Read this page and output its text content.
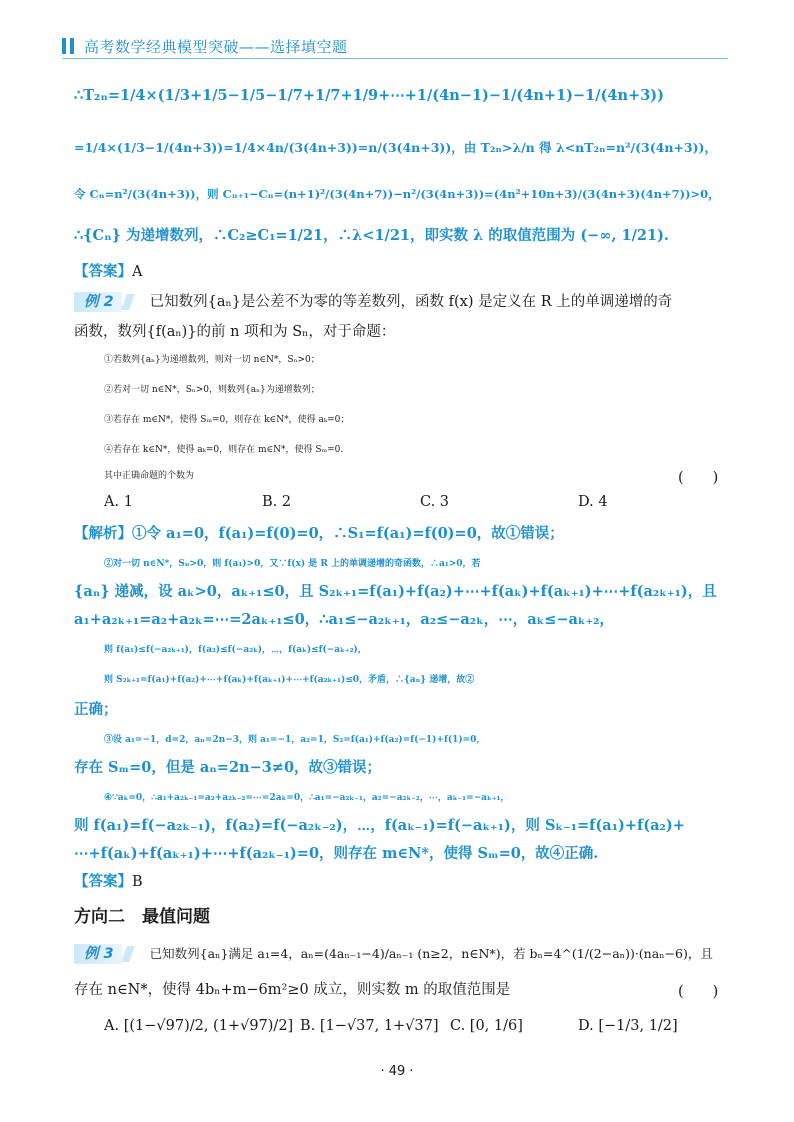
高考数学经典模型突破——选择填空题
∴T₂ₙ=1/4×(1/3+1/5−1/5−1/7+1/7+1/9+⋯+1/(4n−1)−1/(4n+1)−1/(4n+3))
=1/4×(1/3−1/(4n+3))=1/4×4n/(3(4n+3))=n/(3(4n+3))，由 T₂ₙ>λ/n 得 λ<nT₂ₙ=n²/(3(4n+3))，
令 Cₙ=n²/(3(4n+3))，则 Cₙ₊₁−Cₙ=(n+1)²/(3(4n+7))−n²/(3(4n+3))=(4n²+10n+3)/(3(4n+3)(4n+7))>0，
∴{Cₙ} 为递增数列，∴C₂≥C₁=1/21，∴λ<1/21，即实数 λ 的取值范围为 (−∞, 1/21).
【答案】A
例 2 已知数列{aₙ}是公差不为零的等差数列，函数 f(x) 是定义在 R 上的单调递增的奇
函数，数列{f(aₙ)}的前 n 项和为 Sₙ，对于命题：
①若数列{aₙ}为递增数列，则对一切 n∈N*，Sₙ>0；
②若对一切 n∈N*，Sₙ>0，则数列{aₙ}为递增数列；
③若存在 m∈N*，使得 Sₘ=0，则存在 k∈N*，使得 aₖ=0；
④若存在 k∈N*，使得 aₖ=0，则存在 m∈N*，使得 Sₘ=0.
其中正确命题的个数为	(　　)
A. 1	B. 2	C. 3	D. 4
【解析】①令 a₁=0，f(a₁)=f(0)=0，∴S₁=f(a₁)=f(0)=0，故①错误；
②对一切 n∈N*，Sₙ>0，则 f(a₁)>0，又∵f(x) 是 R 上的单调递增的奇函数，∴a₁>0，若
{aₙ} 递减，设 aₖ>0，aₖ₊₁≤0，且 S₂ₖ₊₁=f(a₁)+f(a₂)+⋯+f(aₖ)+f(aₖ₊₁)+⋯+f(a₂ₖ₊₁)，且
a₁+a₂ₖ₊₁=a₂+a₂ₖ=⋯=2aₖ₊₁≤0，∴a₁≤−a₂ₖ₊₁，a₂≤−a₂ₖ，⋯，aₖ≤−aₖ₊₂，
则 f(a₁)≤f(−a₂ₖ₊₁)，f(a₂)≤f(−a₂ₖ)，⋯，f(aₖ)≤f(−aₖ₊₂)，
则 S₂ₖ₊₁=f(a₁)+f(a₂)+⋯+f(aₖ)+f(aₖ₊₁)+⋯+f(a₂ₖ₊₁)≤0，矛盾，∴{aₙ} 递增，故②
正确；
③设 a₁=−1，d=2，aₙ=2n−3，则 a₁=−1，a₂=1，S₂=f(a₁)+f(a₂)=f(−1)+f(1)=0，
存在 Sₘ=0，但是 aₙ=2n−3≠0，故③错误；
④∵aₖ=0，∴a₁+a₂ₖ₋₁=a₂+a₂ₖ₋₂=⋯=2aₖ=0，∴a₁=−a₂ₖ₋₁，a₂=−a₂ₖ₋₂，⋯，aₖ₋₁=−aₖ₊₁，
则 f(a₁)=f(−a₂ₖ₋₁)，f(a₂)=f(−a₂ₖ₋₂)，⋯，f(aₖ₋₁)=f(−aₖ₊₁)，则 Sₖ₋₁=f(a₁)+f(a₂)+
⋯+f(aₖ)+f(aₖ₊₁)+⋯+f(a₂ₖ₋₁)=0，则存在 m∈N*，使得 Sₘ=0，故④正确.
【答案】B
方向二　最值问题
例 3	已知数列{aₙ}满足 a₁=4，aₙ=(4aₙ₋₁−4)/aₙ₋₁ (n≥2，n∈N*)，若 bₙ=4^(1/(2−aₙ))·(naₙ−6)，且
存在 n∈N*，使得 4bₙ+m−6m²≥0 成立，则实数 m 的取值范围是	(　　)
A. [(1−√97)/2, (1+√97)/2] B. [1−√37, 1+√37] C. [0, 1/6]	D. [−1/3, 1/2]
· 49 ·
